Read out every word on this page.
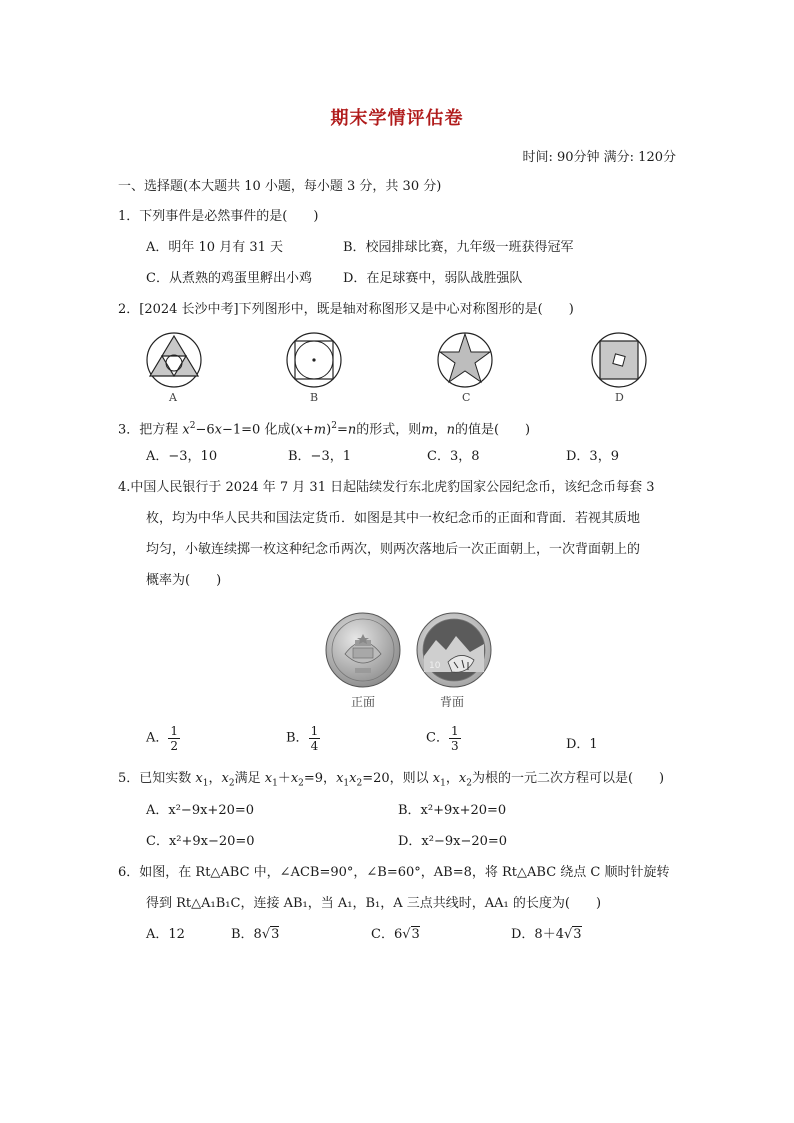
期末学情评估卷
时间: 90分钟 满分: 120分
一、选择题(本大题共 10 小题，每小题 3 分，共 30 分)
1．下列事件是必然事件的是(　　)
A．明年 10 月有 31 天	B．校园排球比赛，九年级一班获得冠军
C．从煮熟的鸡蛋里孵出小鸡 D．在足球赛中，弱队战胜强队
2．[2024 长沙中考]下列图形中，既是轴对称图形又是中心对称图形的是(　　)
A	B	C	D
3．把方程 $x^2-6x-1=0$ 化成$(x+m)^2=n$的形式，则m，n的值是(　　)
A．−3，10	B．−3，1	C．3，8	D．3，9
4.中国人民银行于 2024 年 7 月 31 日起陆续发行东北虎豹国家公园纪念币，该纪念币每套 3
枚，均为中华人民共和国法定货币．如图是其中一枚纪念币的正面和背面．若视其质地
均匀，小敏连续掷一枚这种纪念币两次，则两次落地后一次正面朝上，一次背面朝上的
概率为(　　)
正面
10
背面
A． $\frac{1}{2}$	B． $\frac{1}{4}$	C． $\frac{1}{3}$	D．1
5．已知实数 $x_1$，$x_2$满足 $x_1+x_2=9$，$x_1x_2=20$，则以 $x_1$，$x_2$为根的一元二次方程可以是(　　)
A．x²−9x+20=0	B．x²+9x+20=0
C．x²+9x−20=0	D．x²−9x−20=0
6．如图，在 Rt△ABC 中，∠ACB=90°，∠B=60°，AB=8，将 Rt△ABC 绕点 C 顺时针旋转
得到 Rt△A₁B₁C，连接 AB₁，当 A₁，B₁，A 三点共线时，AA₁ 的长度为(　　)
A．12	B．8√3	C．6√3	D．8＋4√3
